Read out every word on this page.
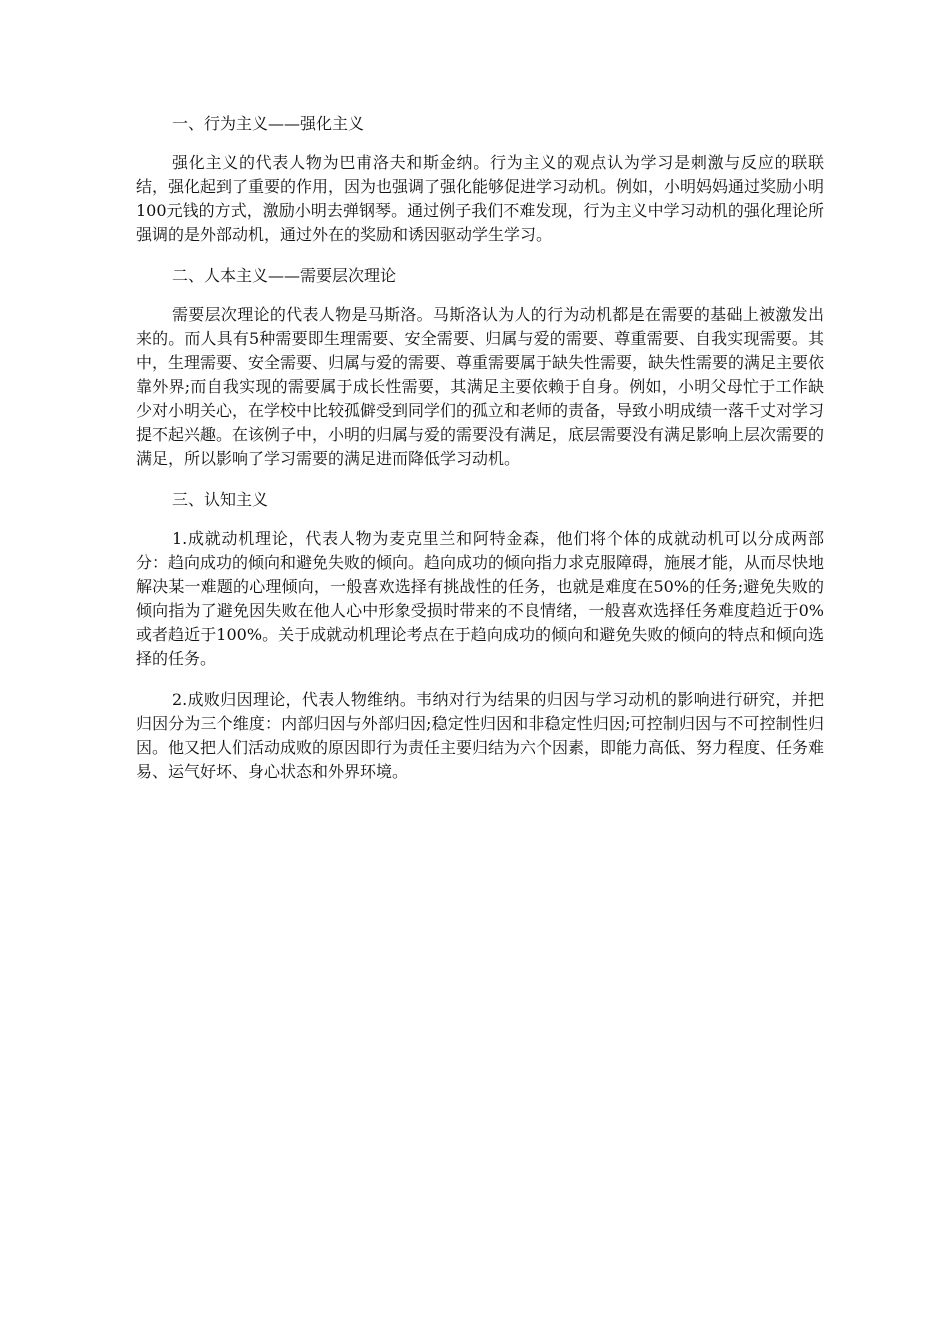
一、行为主义——强化主义

强化主义的代表人物为巴甫洛夫和斯金纳。行为主义的观点认为学习是刺激与反应的联联结，强化起到了重要的作用，因为也强调了强化能够促进学习动机。例如，小明妈妈通过奖励小明100元钱的方式，激励小明去弹钢琴。通过例子我们不难发现，行为主义中学习动机的强化理论所强调的是外部动机，通过外在的奖励和诱因驱动学生学习。

二、人本主义——需要层次理论

需要层次理论的代表人物是马斯洛。马斯洛认为人的行为动机都是在需要的基础上被激发出来的。而人具有5种需要即生理需要、安全需要、归属与爱的需要、尊重需要、自我实现需要。其中，生理需要、安全需要、归属与爱的需要、尊重需要属于缺失性需要，缺失性需要的满足主要依靠外界;而自我实现的需要属于成长性需要，其满足主要依赖于自身。例如，小明父母忙于工作缺少对小明关心，在学校中比较孤僻受到同学们的孤立和老师的责备，导致小明成绩一落千丈对学习提不起兴趣。在该例子中，小明的归属与爱的需要没有满足，底层需要没有满足影响上层次需要的满足，所以影响了学习需要的满足进而降低学习动机。

三、认知主义

1.成就动机理论，代表人物为麦克里兰和阿特金森，他们将个体的成就动机可以分成两部分：趋向成功的倾向和避免失败的倾向。趋向成功的倾向指力求克服障碍，施展才能，从而尽快地解决某一难题的心理倾向，一般喜欢选择有挑战性的任务，也就是难度在50%的任务;避免失败的倾向指为了避免因失败在他人心中形象受损时带来的不良情绪，一般喜欢选择任务难度趋近于0%或者趋近于100%。关于成就动机理论考点在于趋向成功的倾向和避免失败的倾向的特点和倾向选择的任务。

2.成败归因理论，代表人物维纳。韦纳对行为结果的归因与学习动机的影响进行研究，并把归因分为三个维度：内部归因与外部归因;稳定性归因和非稳定性归因;可控制归因与不可控制性归因。他又把人们活动成败的原因即行为责任主要归结为六个因素，即能力高低、努力程度、任务难易、运气好坏、身心状态和外界环境。
